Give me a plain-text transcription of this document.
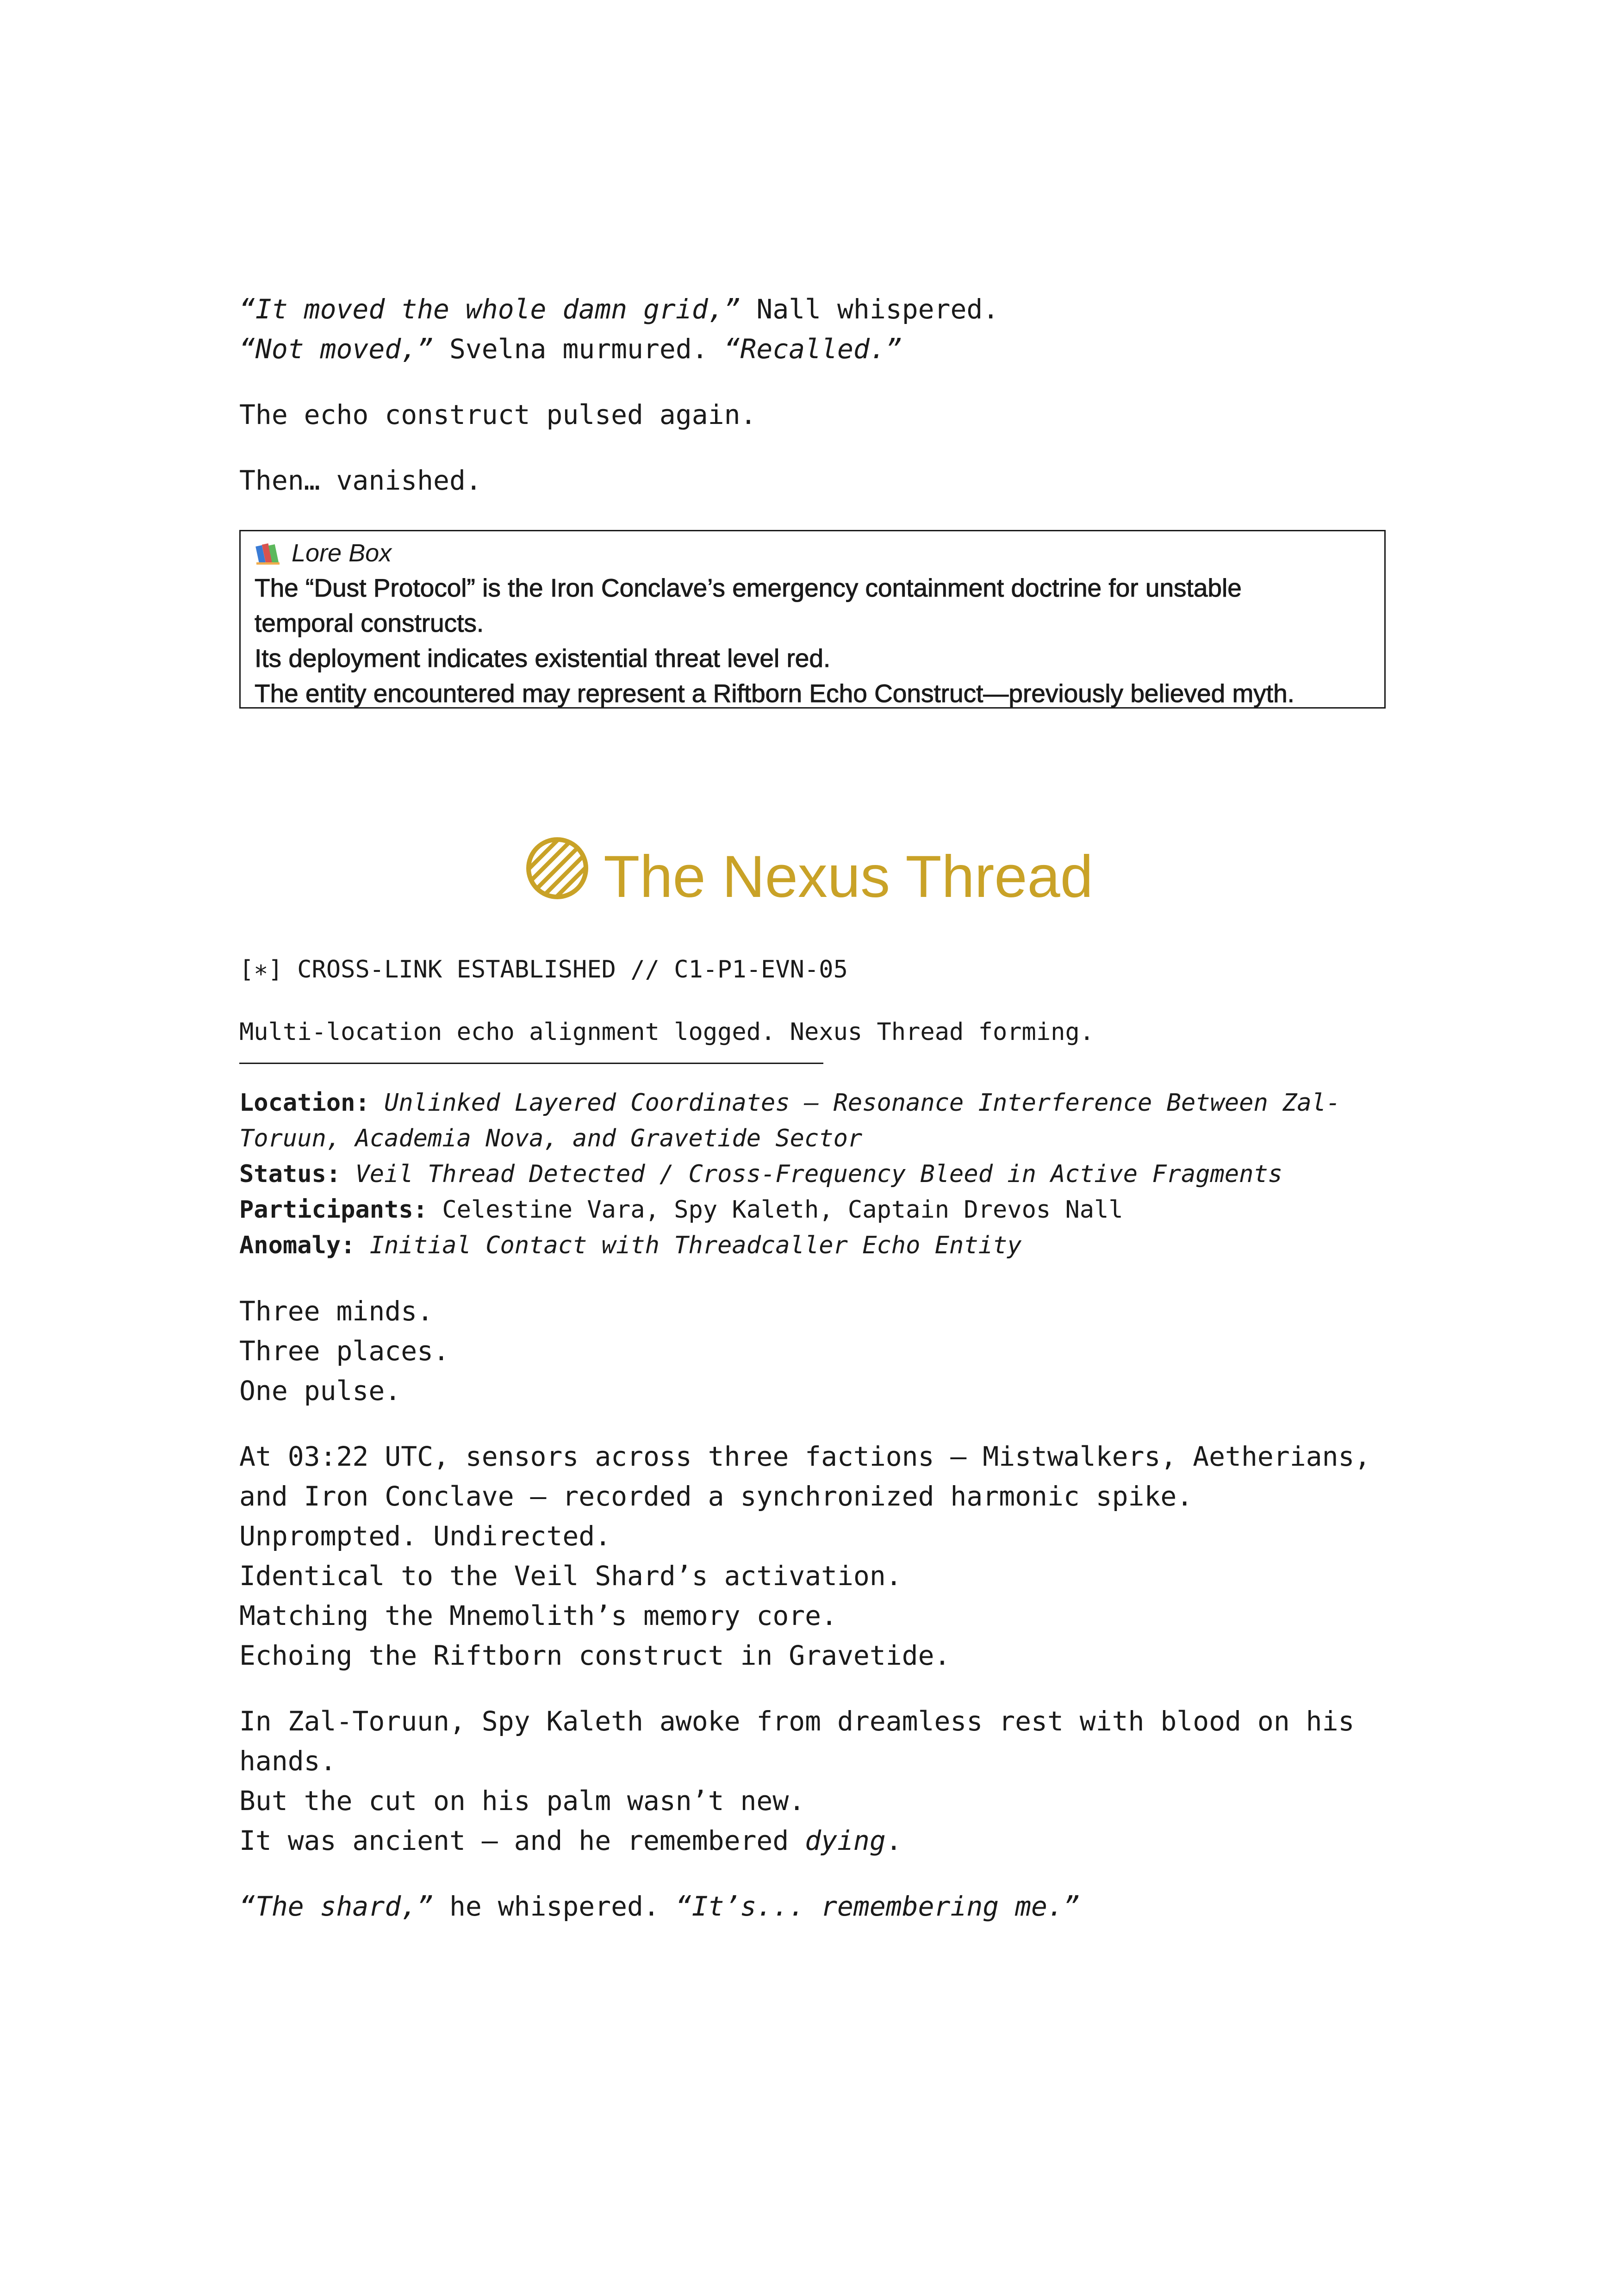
“It moved the whole damn grid,” Nall whispered.
“Not moved,” Svelna murmured. “Recalled.”
The echo construct pulsed again.
Then… vanished.
Lore Box
The “Dust Protocol” is the Iron Conclave’s emergency containment doctrine for unstable
temporal constructs.
Its deployment indicates existential threat level red.
The entity encountered may represent a Riftborn Echo Construct—previously believed myth.
The Nexus Thread
[∗] CROSS-LINK ESTABLISHED // C1-P1-EVN-05
Multi-location echo alignment logged. Nexus Thread forming.
Location: Unlinked Layered Coordinates — Resonance Interference Between Zal-
Toruun, Academia Nova, and Gravetide Sector
Status: Veil Thread Detected / Cross-Frequency Bleed in Active Fragments
Participants: Celestine Vara, Spy Kaleth, Captain Drevos Nall
Anomaly: Initial Contact with Threadcaller Echo Entity
Three minds.
Three places.
One pulse.
At 03:22 UTC, sensors across three factions — Mistwalkers, Aetherians,
and Iron Conclave — recorded a synchronized harmonic spike.
Unprompted. Undirected.
Identical to the Veil Shard’s activation.
Matching the Mnemolith’s memory core.
Echoing the Riftborn construct in Gravetide.
In Zal-Toruun, Spy Kaleth awoke from dreamless rest with blood on his
hands.
But the cut on his palm wasn’t new.
It was ancient — and he remembered dying.
“The shard,” he whispered. “It’s... remembering me.”
